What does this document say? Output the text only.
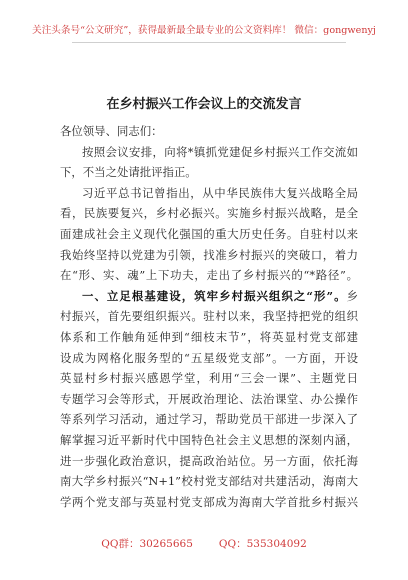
关注头条号“公文研究”，获得最新最全最专业的公文资料库！ 微信：gongwenyj
在乡村振兴工作会议上的交流发言
各位领导、同志们：
按照会议安排，向将*镇抓党建促乡村振兴工作交流如
下，不当之处请批评指正。
习近平总书记曾指出，从中华民族伟大复兴战略全局
看，民族要复兴，乡村必振兴。实施乡村振兴战略，是全
面建成社会主义现代化强国的重大历史任务。自驻村以来
我始终坚持以党建为引领，找准乡村振兴的突破口，着力
在“形、实、魂”上下功夫，走出了乡村振兴的“*路径”。
一、立足根基建设，筑牢乡村振兴组织之“形”。乡
村振兴，首先要组织振兴。驻村以来，我坚持把党的组织
体系和工作触角延伸到“细枝末节”，将英显村党支部建
设成为网格化服务型的“五星级党支部”。一方面，开设
英显村乡村振兴感恩学堂，利用“三会一课”、主题党日
专题学习会等形式，开展政治理论、法治课堂、办公操作
等系列学习活动，通过学习，帮助党员干部进一步深入了
解掌握习近平新时代中国特色社会主义思想的深刻内涵，
进一步强化政治意识，提高政治站位。另一方面，依托海
南大学乡村振兴“N+1”校村党支部结对共建活动，海南大
学两个党支部与英显村党支部成为海南大学首批乡村振兴
QQ群：30265665 QQ：535304092
